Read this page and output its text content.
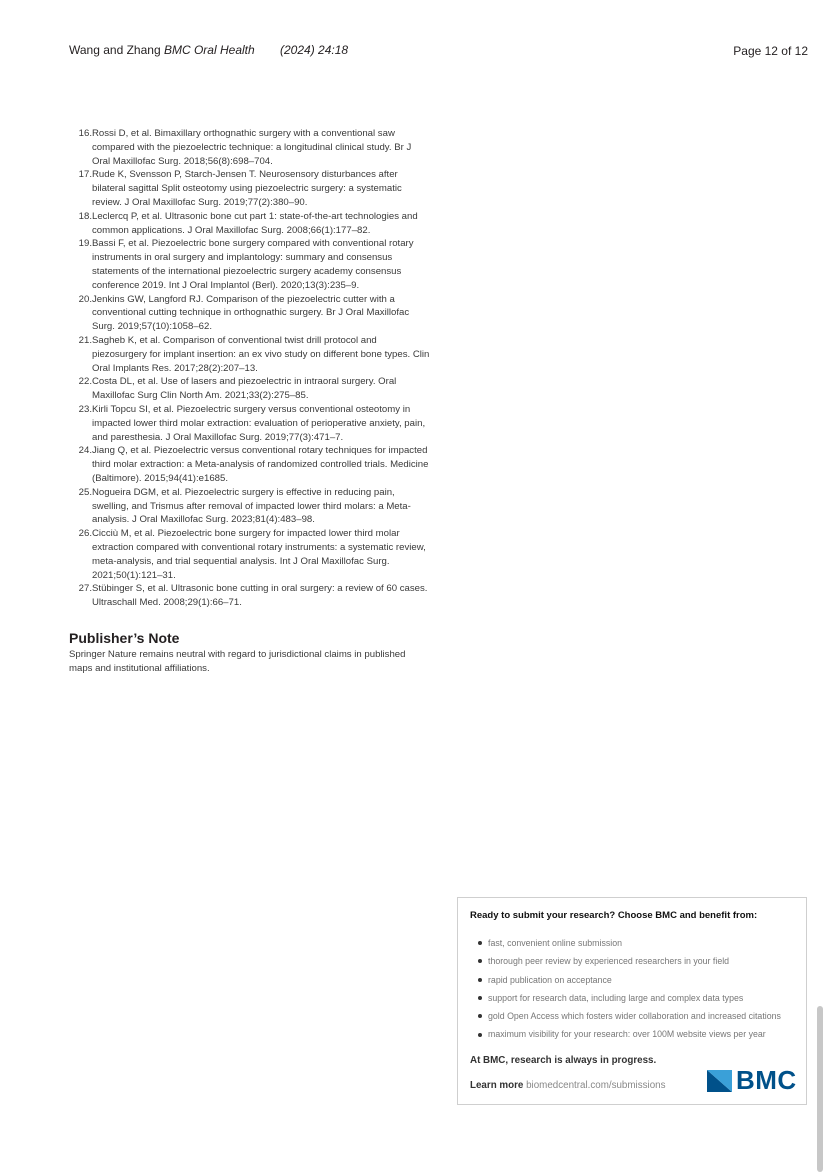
Wang and Zhang BMC Oral Health (2024) 24:18	Page 12 of 12
16. Rossi D, et al. Bimaxillary orthognathic surgery with a conventional saw compared with the piezoelectric technique: a longitudinal clinical study. Br J Oral Maxillofac Surg. 2018;56(8):698–704.
17. Rude K, Svensson P, Starch-Jensen T. Neurosensory disturbances after bilateral sagittal Split osteotomy using piezoelectric surgery: a systematic review. J Oral Maxillofac Surg. 2019;77(2):380–90.
18. Leclercq P, et al. Ultrasonic bone cut part 1: state-of-the-art technologies and common applications. J Oral Maxillofac Surg. 2008;66(1):177–82.
19. Bassi F, et al. Piezoelectric bone surgery compared with conventional rotary instruments in oral surgery and implantology: summary and consensus statements of the international piezoelectric surgery academy consensus conference 2019. Int J Oral Implantol (Berl). 2020;13(3):235–9.
20. Jenkins GW, Langford RJ. Comparison of the piezoelectric cutter with a conventional cutting technique in orthognathic surgery. Br J Oral Maxillofac Surg. 2019;57(10):1058–62.
21. Sagheb K, et al. Comparison of conventional twist drill protocol and piezosurgery for implant insertion: an ex vivo study on different bone types. Clin Oral Implants Res. 2017;28(2):207–13.
22. Costa DL, et al. Use of lasers and piezoelectric in intraoral surgery. Oral Maxillofac Surg Clin North Am. 2021;33(2):275–85.
23. Kirli Topcu SI, et al. Piezoelectric surgery versus conventional osteotomy in impacted lower third molar extraction: evaluation of perioperative anxiety, pain, and paresthesia. J Oral Maxillofac Surg. 2019;77(3):471–7.
24. Jiang Q, et al. Piezoelectric versus conventional rotary techniques for impacted third molar extraction: a Meta-analysis of randomized controlled trials. Medicine (Baltimore). 2015;94(41):e1685.
25. Nogueira DGM, et al. Piezoelectric surgery is effective in reducing pain, swelling, and Trismus after removal of impacted lower third molars: a Meta-analysis. J Oral Maxillofac Surg. 2023;81(4):483–98.
26. Cicciù M, et al. Piezoelectric bone surgery for impacted lower third molar extraction compared with conventional rotary instruments: a systematic review, meta-analysis, and trial sequential analysis. Int J Oral Maxillofac Surg. 2021;50(1):121–31.
27. Stübinger S, et al. Ultrasonic bone cutting in oral surgery: a review of 60 cases. Ultraschall Med. 2008;29(1):66–71.
Publisher’s Note
Springer Nature remains neutral with regard to jurisdictional claims in published maps and institutional affiliations.
Ready to submit your research? Choose BMC and benefit from:
fast, convenient online submission
thorough peer review by experienced researchers in your field
rapid publication on acceptance
support for research data, including large and complex data types
gold Open Access which fosters wider collaboration and increased citations
maximum visibility for your research: over 100M website views per year
At BMC, research is always in progress.
Learn more biomedcentral.com/submissions	BMC
